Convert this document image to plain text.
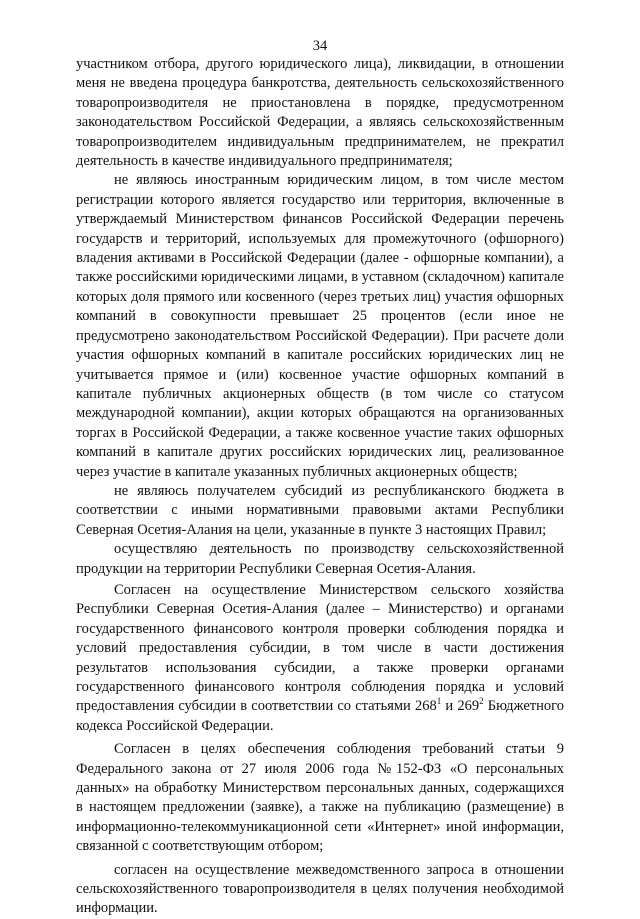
34

участником отбора, другого юридического лица), ликвидации, в отношении меня не введена процедура банкротства, деятельность сельскохозяйственного товаропроизводителя не приостановлена в порядке, предусмотренном законодательством Российской Федерации, а являясь сельскохозяйственным товаропроизводителем индивидуальным предпринимателем, не прекратил деятельность в качестве индивидуального предпринимателя;

не являюсь иностранным юридическим лицом, в том числе местом регистрации которого является государство или территория, включенные в утверждаемый Министерством финансов Российской Федерации перечень государств и территорий, используемых для промежуточного (офшорного) владения активами в Российской Федерации (далее - офшорные компании), а также российскими юридическими лицами, в уставном (складочном) капитале которых доля прямого или косвенного (через третьих лиц) участия офшорных компаний в совокупности превышает 25 процентов (если иное не предусмотрено законодательством Российской Федерации). При расчете доли участия офшорных компаний в капитале российских юридических лиц не учитывается прямое и (или) косвенное участие офшорных компаний в капитале публичных акционерных обществ (в том числе со статусом международной компании), акции которых обращаются на организованных торгах в Российской Федерации, а также косвенное участие таких офшорных компаний в капитале других российских юридических лиц, реализованное через участие в капитале указанных публичных акционерных обществ;

не являюсь получателем субсидий из республиканского бюджета в соответствии с иными нормативными правовыми актами Республики Северная Осетия-Алания на цели, указанные в пункте 3 настоящих Правил;

осуществляю деятельность по производству сельскохозяйственной продукции на территории Республики Северная Осетия-Алания.

Согласен на осуществление Министерством сельского хозяйства Республики Северная Осетия-Алания (далее – Министерство) и органами государственного финансового контроля проверки соблюдения порядка и условий предоставления субсидии, в том числе в части достижения результатов использования субсидии, а также проверки органами государственного финансового контроля соблюдения порядка и условий предоставления субсидии в соответствии со статьями $268^1$ и $269^2$ Бюджетного кодекса Российской Федерации.

Согласен в целях обеспечения соблюдения требований статьи 9 Федерального закона от 27 июля 2006 года №152-ФЗ «О персональных данных» на обработку Министерством персональных данных, содержащихся в настоящем предложении (заявке), а также на публикацию (размещение) в информационно-телекоммуникационной сети «Интернет» иной информации, связанной с соответствующим отбором;

согласен на осуществление межведомственного запроса в отношении сельскохозяйственного товаропроизводителя в целях получения необходимой информации.
